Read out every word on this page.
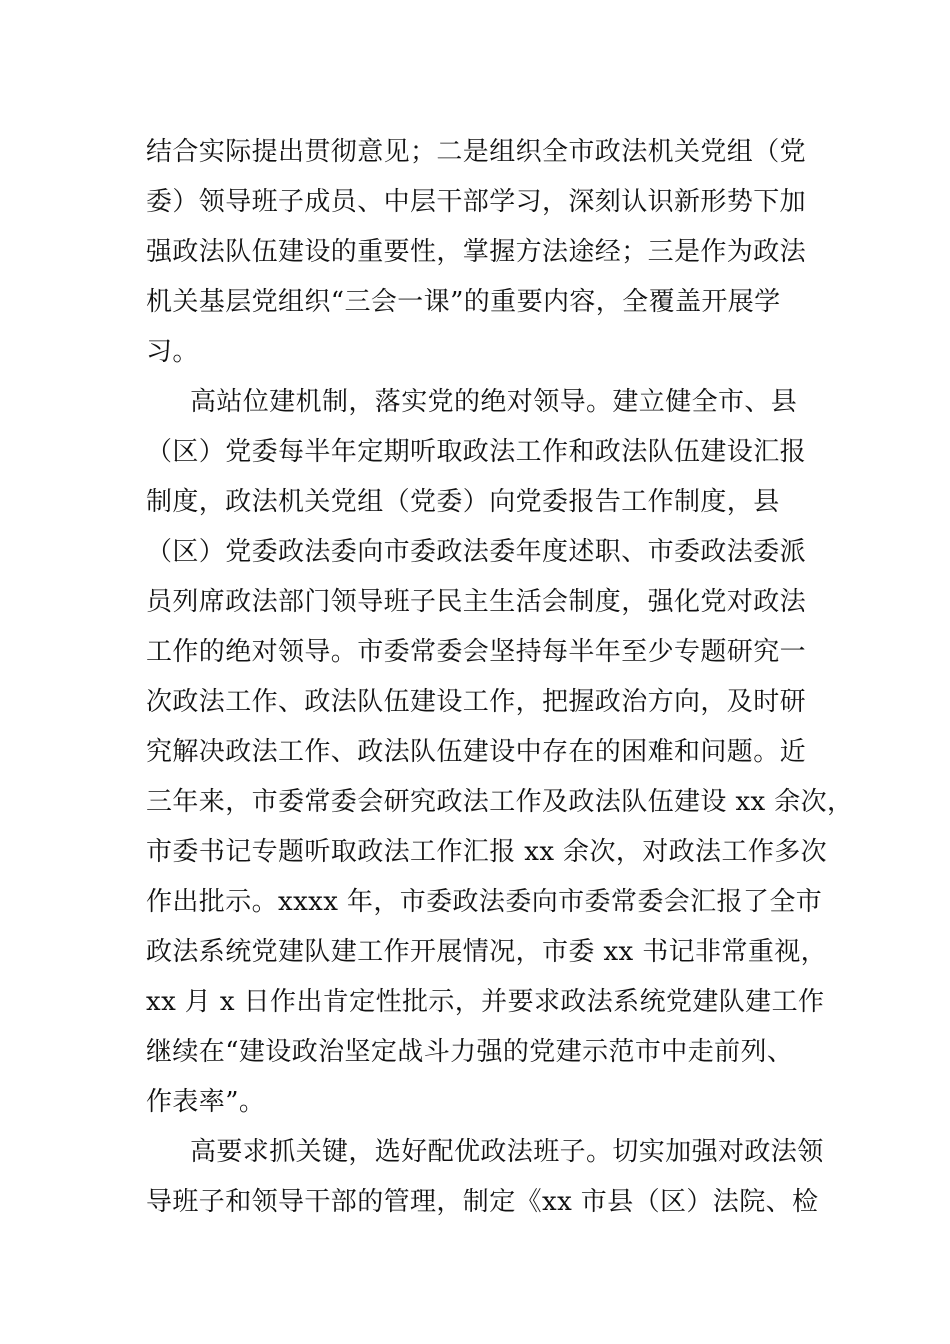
结合实际提出贯彻意见；二是组织全市政法机关党组（党
委）领导班子成员、中层干部学习，深刻认识新形势下加
强政法队伍建设的重要性，掌握方法途经；三是作为政法
机关基层党组织“三会一课”的重要内容，全覆盖开展学
习。
高站位建机制，落实党的绝对领导。建立健全市、县
（区）党委每半年定期听取政法工作和政法队伍建设汇报
制度，政法机关党组（党委）向党委报告工作制度，县
（区）党委政法委向市委政法委年度述职、市委政法委派
员列席政法部门领导班子民主生活会制度，强化党对政法
工作的绝对领导。市委常委会坚持每半年至少专题研究一
次政法工作、政法队伍建设工作，把握政治方向，及时研
究解决政法工作、政法队伍建设中存在的困难和问题。近
三年来，市委常委会研究政法工作及政法队伍建设 xx 余次，
市委书记专题听取政法工作汇报 xx 余次，对政法工作多次
作出批示。xxxx 年，市委政法委向市委常委会汇报了全市
政法系统党建队建工作开展情况，市委 xx 书记非常重视，
xx 月 x 日作出肯定性批示，并要求政法系统党建队建工作
继续在“建设政治坚定战斗力强的党建示范市中走前列、
作表率”。
高要求抓关键，选好配优政法班子。切实加强对政法领
导班子和领导干部的管理，制定《xx 市县（区）法院、检
